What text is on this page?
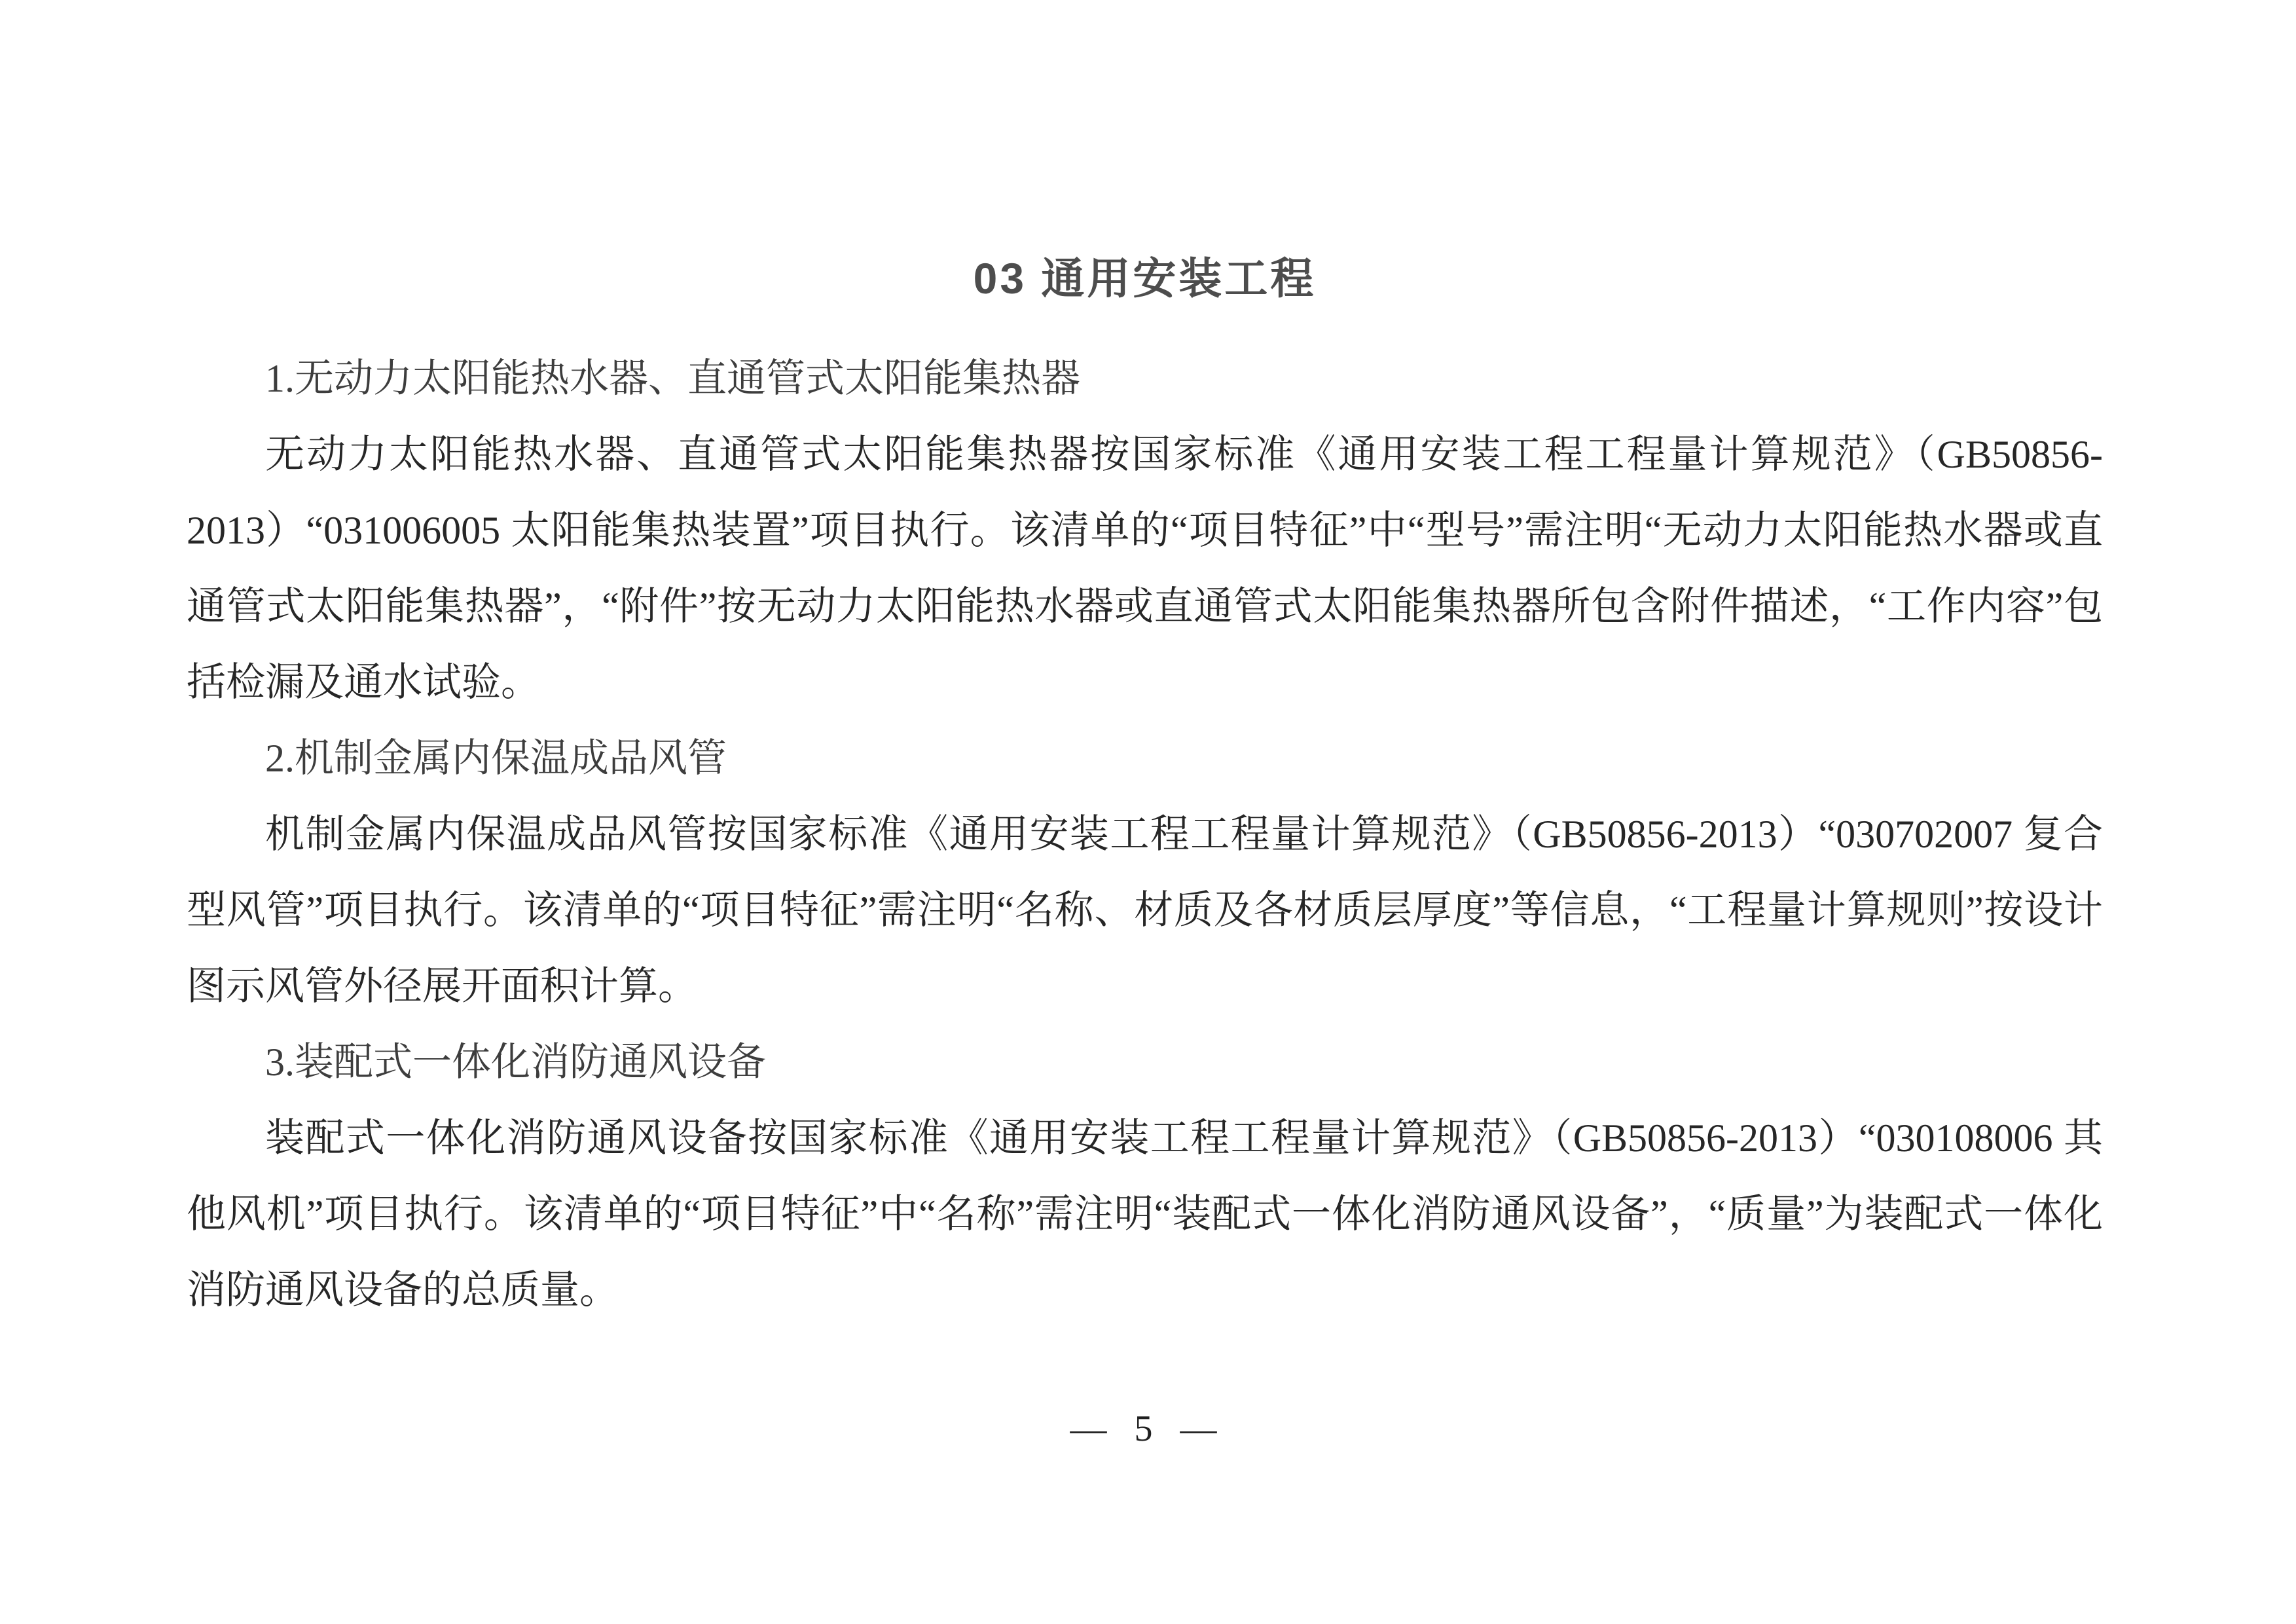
03 通用安装工程
1.无动力太阳能热水器、直通管式太阳能集热器

无动力太阳能热水器、直通管式太阳能集热器按国家标准《通用安装工程工程量计算规范》（GB50856-2013）“031006005 太阳能集热装置”项目执行。该清单的“项目特征”中“型号”需注明“无动力太阳能热水器或直通管式太阳能集热器”，“附件”按无动力太阳能热水器或直通管式太阳能集热器所包含附件描述，“工作内容”包括检漏及通水试验。

2.机制金属内保温成品风管

机制金属内保温成品风管按国家标准《通用安装工程工程量计算规范》（GB50856-2013）“030702007 复合型风管”项目执行。该清单的“项目特征”需注明“名称、材质及各材质层厚度”等信息，“工程量计算规则”按设计图示风管外径展开面积计算。

3.装配式一体化消防通风设备

装配式一体化消防通风设备按国家标准《通用安装工程工程量计算规范》（GB50856-2013）“030108006 其他风机”项目执行。该清单的“项目特征”中“名称”需注明“装配式一体化消防通风设备”，“质量”为装配式一体化消防通风设备的总质量。

— 5 —
